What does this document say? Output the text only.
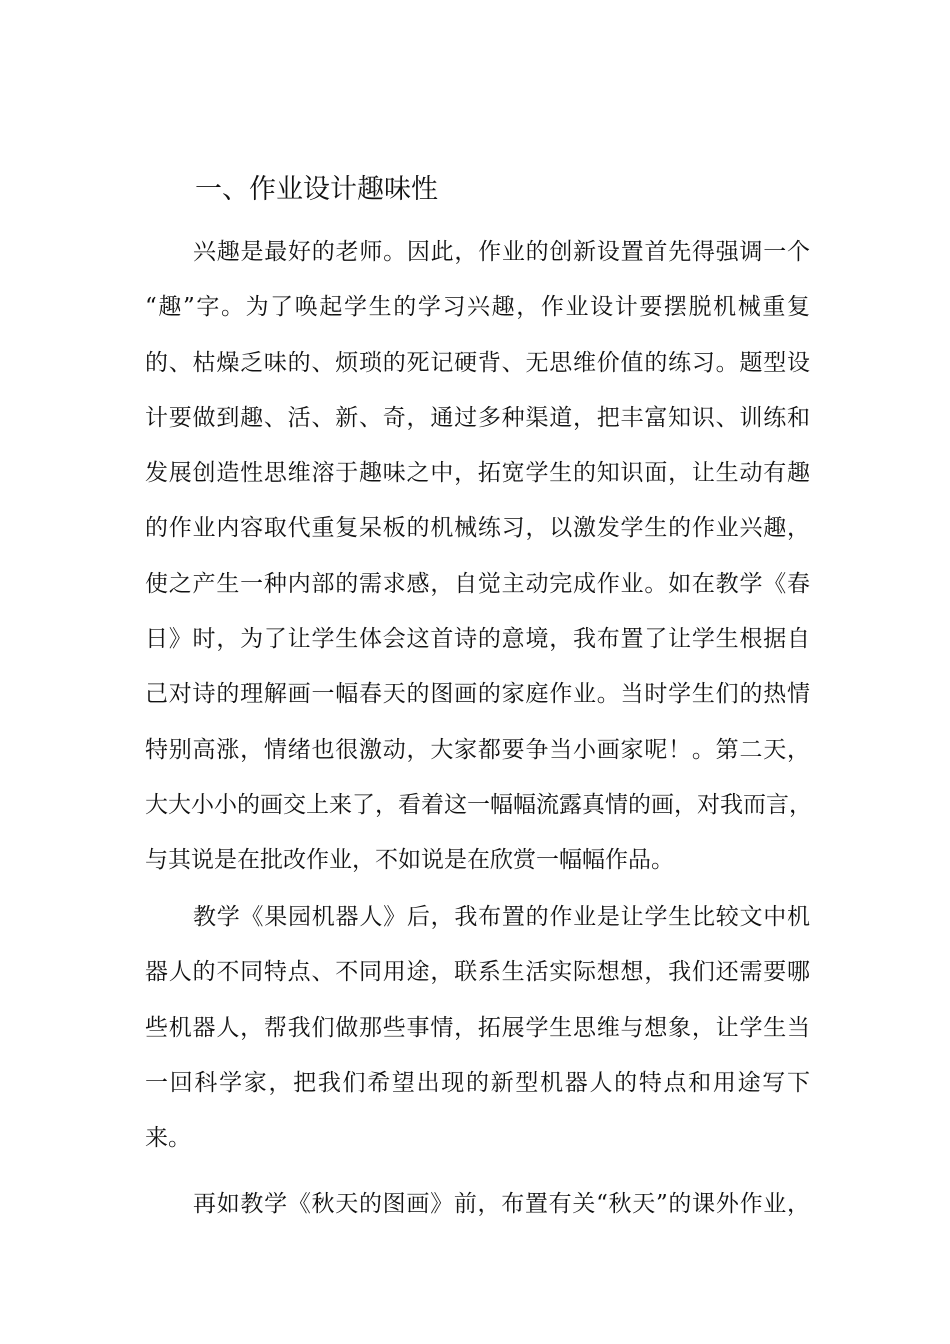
一、作业设计趣味性
兴趣是最好的老师。因此，作业的创新设置首先得强调一个
“趣”字。为了唤起学生的学习兴趣，作业设计要摆脱机械重复
的、枯燥乏味的、烦琐的死记硬背、无思维价值的练习。题型设
计要做到趣、活、新、奇，通过多种渠道，把丰富知识、训练和
发展创造性思维溶于趣味之中，拓宽学生的知识面，让生动有趣
的作业内容取代重复呆板的机械练习，以激发学生的作业兴趣，
使之产生一种内部的需求感，自觉主动完成作业。如在教学《春
日》时，为了让学生体会这首诗的意境，我布置了让学生根据自
己对诗的理解画一幅春天的图画的家庭作业。当时学生们的热情
特别高涨，情绪也很激动，大家都要争当小画家呢！。第二天，
大大小小的画交上来了，看着这一幅幅流露真情的画，对我而言，
与其说是在批改作业，不如说是在欣赏一幅幅作品。
教学《果园机器人》后，我布置的作业是让学生比较文中机
器人的不同特点、不同用途，联系生活实际想想，我们还需要哪
些机器人，帮我们做那些事情，拓展学生思维与想象，让学生当
一回科学家，把我们希望出现的新型机器人的特点和用途写下
来。
再如教学《秋天的图画》前，布置有关“秋天”的课外作业，
